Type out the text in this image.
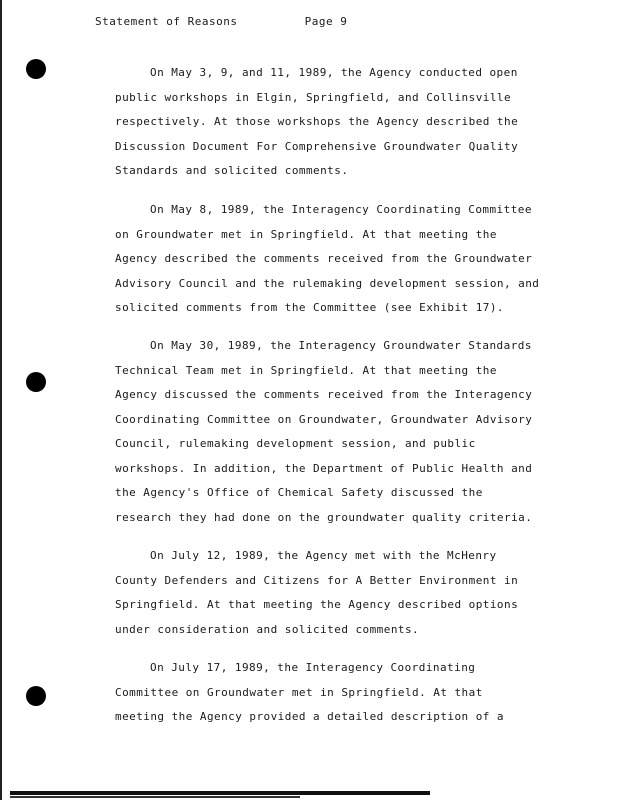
Statement of Reasons	Page 9
On May 3, 9, and 11, 1989, the Agency conducted open
public workshops in Elgin, Springfield, and Collinsville
respectively. At those workshops the Agency described the
Discussion Document For Comprehensive Groundwater Quality
Standards and solicited comments.
On May 8, 1989, the Interagency Coordinating Committee
on Groundwater met in Springfield. At that meeting the
Agency described the comments received from the Groundwater
Advisory Council and the rulemaking development session, and
solicited comments from the Committee (see Exhibit 17).
On May 30, 1989, the Interagency Groundwater Standards
Technical Team met in Springfield. At that meeting the
Agency discussed the comments received from the Interagency
Coordinating Committee on Groundwater, Groundwater Advisory
Council, rulemaking development session, and public
workshops. In addition, the Department of Public Health and
the Agency's Office of Chemical Safety discussed the
research they had done on the groundwater quality criteria.
On July 12, 1989, the Agency met with the McHenry
County Defenders and Citizens for A Better Environment in
Springfield. At that meeting the Agency described options
under consideration and solicited comments.
On July 17, 1989, the Interagency Coordinating
Committee on Groundwater met in Springfield. At that
meeting the Agency provided a detailed description of a
